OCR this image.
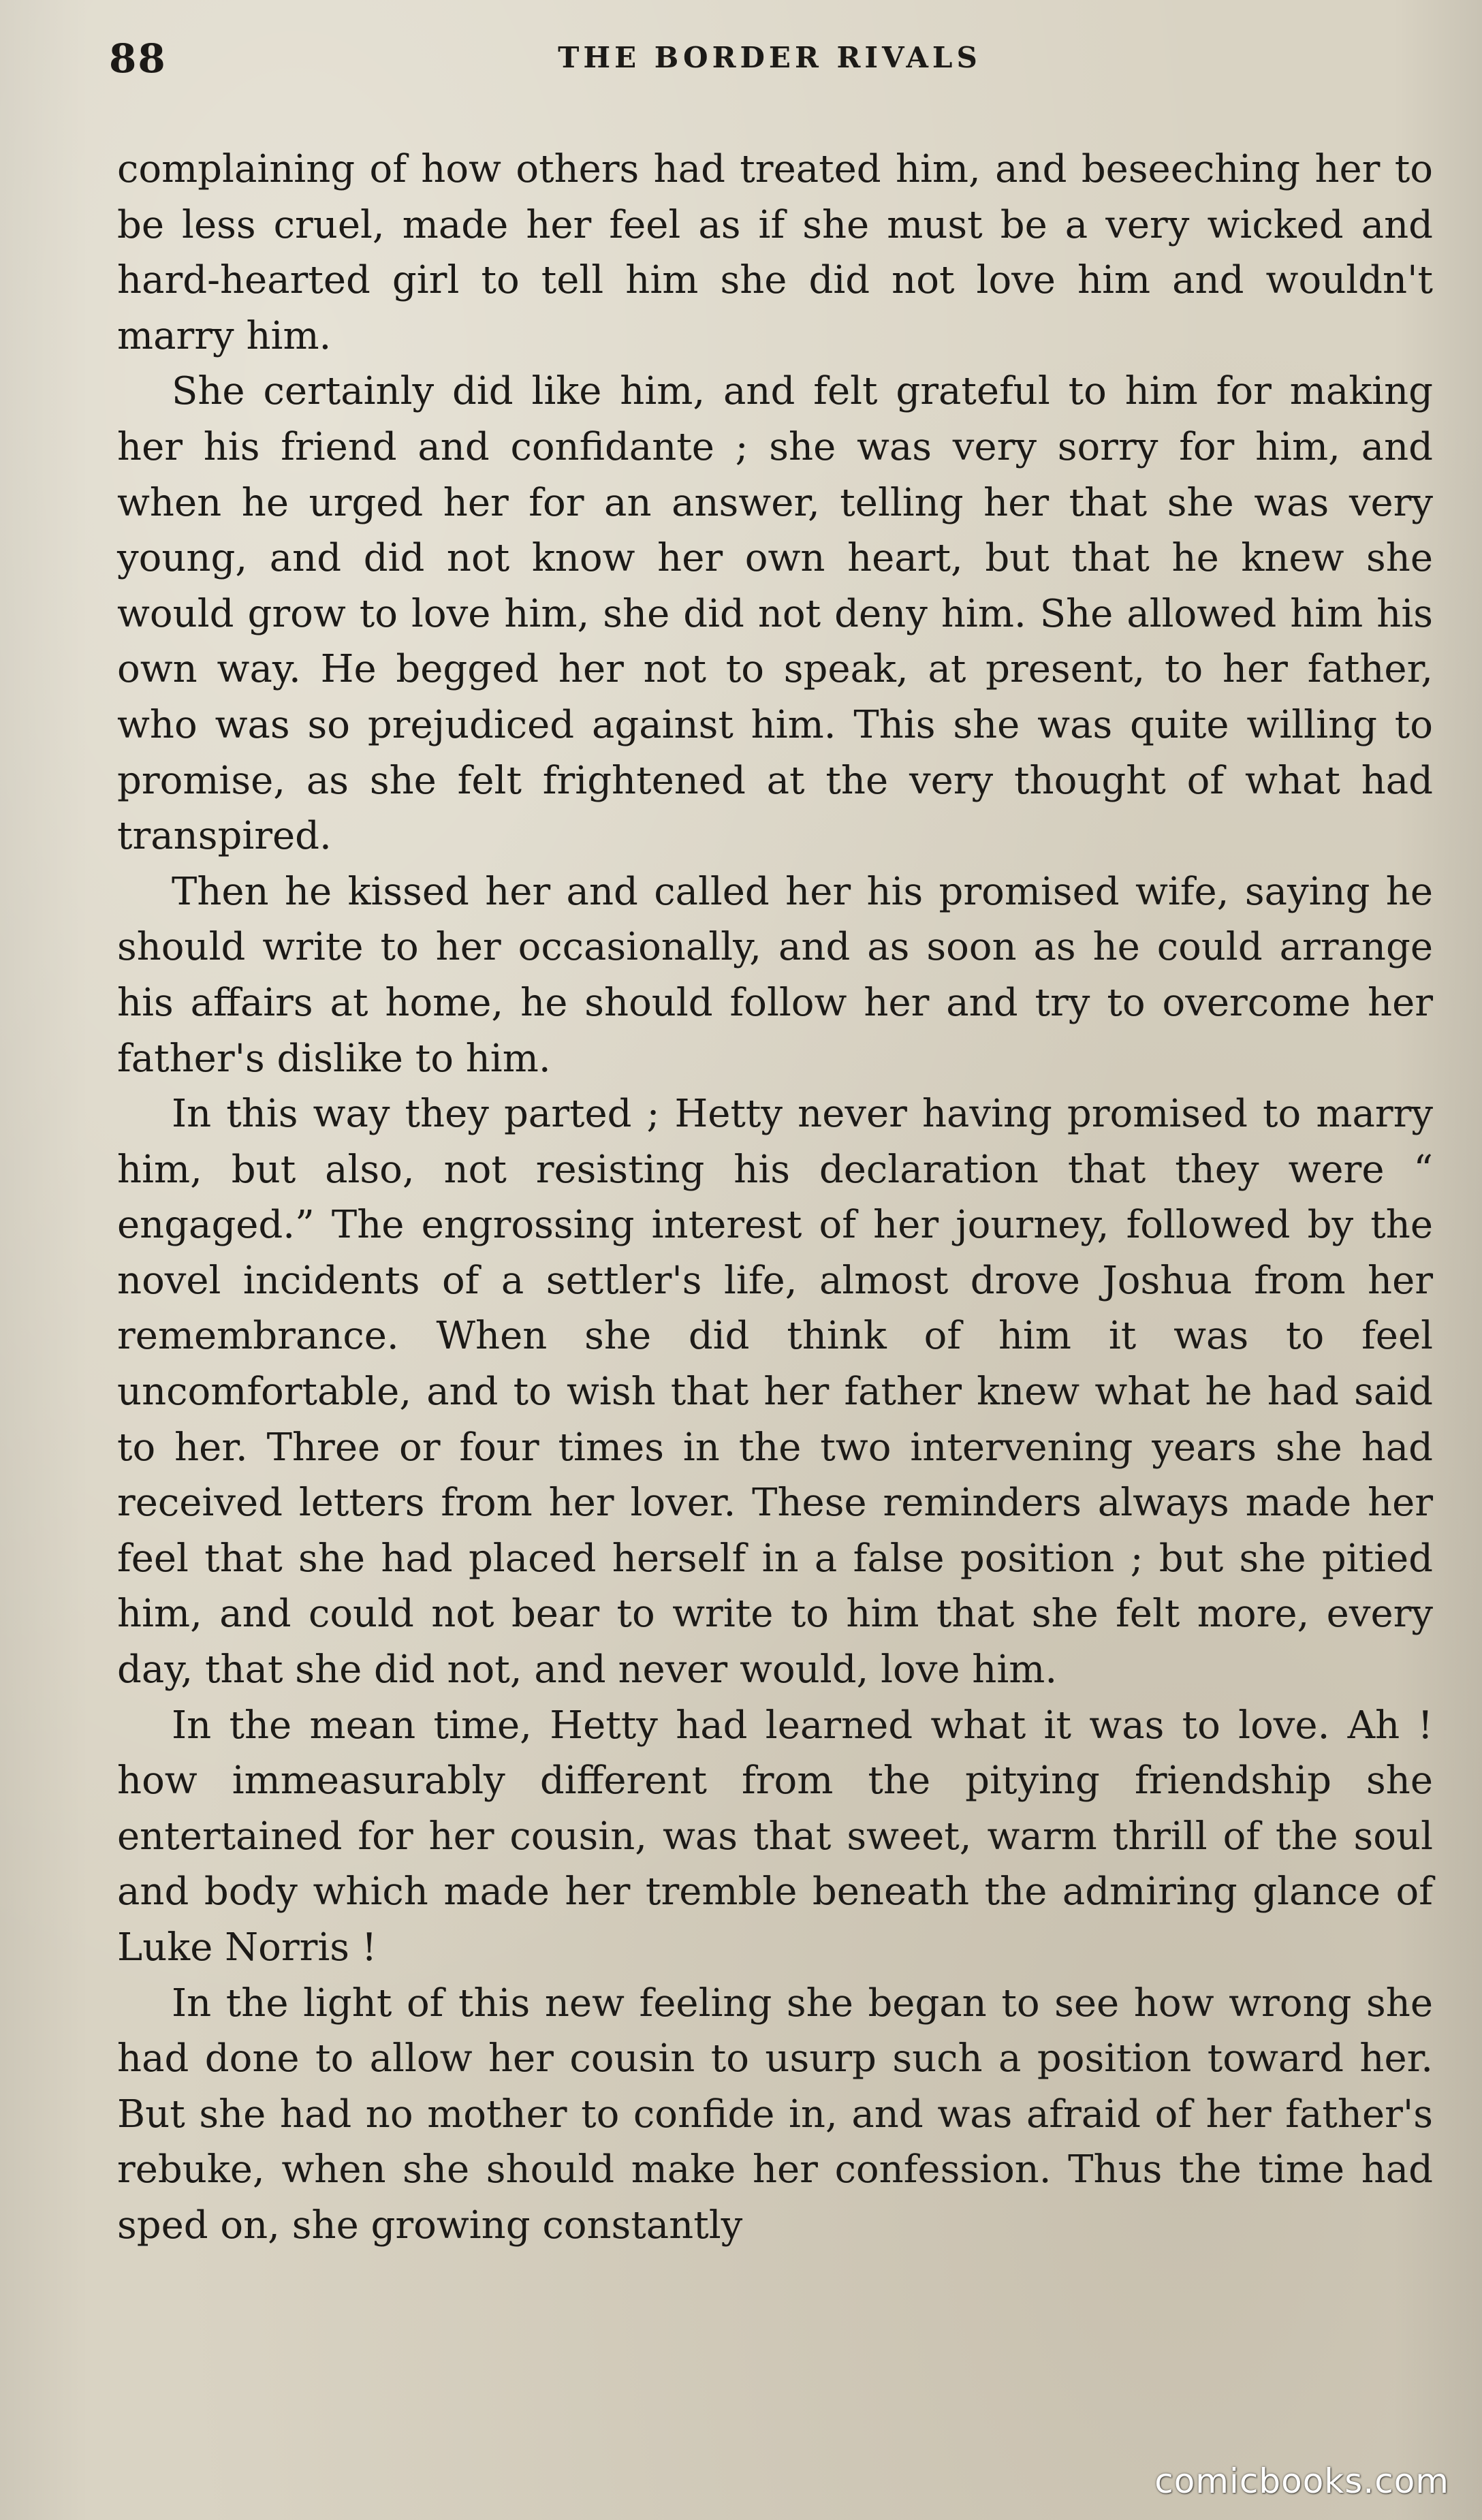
88	THE BORDER RIVALS

complaining of how others had treated him, and beseeching her to be less cruel, made her feel as if she must be a very wicked and hard-hearted girl to tell him she did not love him and wouldn't marry him.

She certainly did like him, and felt grateful to him for making her his friend and confidante ; she was very sorry for him, and when he urged her for an answer, telling her that she was very young, and did not know her own heart, but that he knew she would grow to love him, she did not deny him. She allowed him his own way. He begged her not to speak, at present, to her father, who was so prejudiced against him. This she was quite willing to promise, as she felt frightened at the very thought of what had transpired.

Then he kissed her and called her his promised wife, saying he should write to her occasionally, and as soon as he could arrange his affairs at home, he should follow her and try to overcome her father's dislike to him.

In this way they parted ; Hetty never having promised to marry him, but also, not resisting his declaration that they were “ engaged.” The engrossing interest of her journey, followed by the novel incidents of a settler's life, almost drove Joshua from her remembrance. When she did think of him it was to feel uncomfortable, and to wish that her father knew what he had said to her. Three or four times in the two intervening years she had received letters from her lover. These reminders always made her feel that she had placed herself in a false position ; but she pitied him, and could not bear to write to him that she felt more, every day, that she did not, and never would, love him.

In the mean time, Hetty had learned what it was to love. Ah ! how immeasurably different from the pitying friendship she entertained for her cousin, was that sweet, warm thrill of the soul and body which made her tremble beneath the admiring glance of Luke Norris !

In the light of this new feeling she began to see how wrong she had done to allow her cousin to usurp such a position toward her. But she had no mother to confide in, and was afraid of her father's rebuke, when she should make her confession. Thus the time had sped on, she growing constantly

comicbooks.com
